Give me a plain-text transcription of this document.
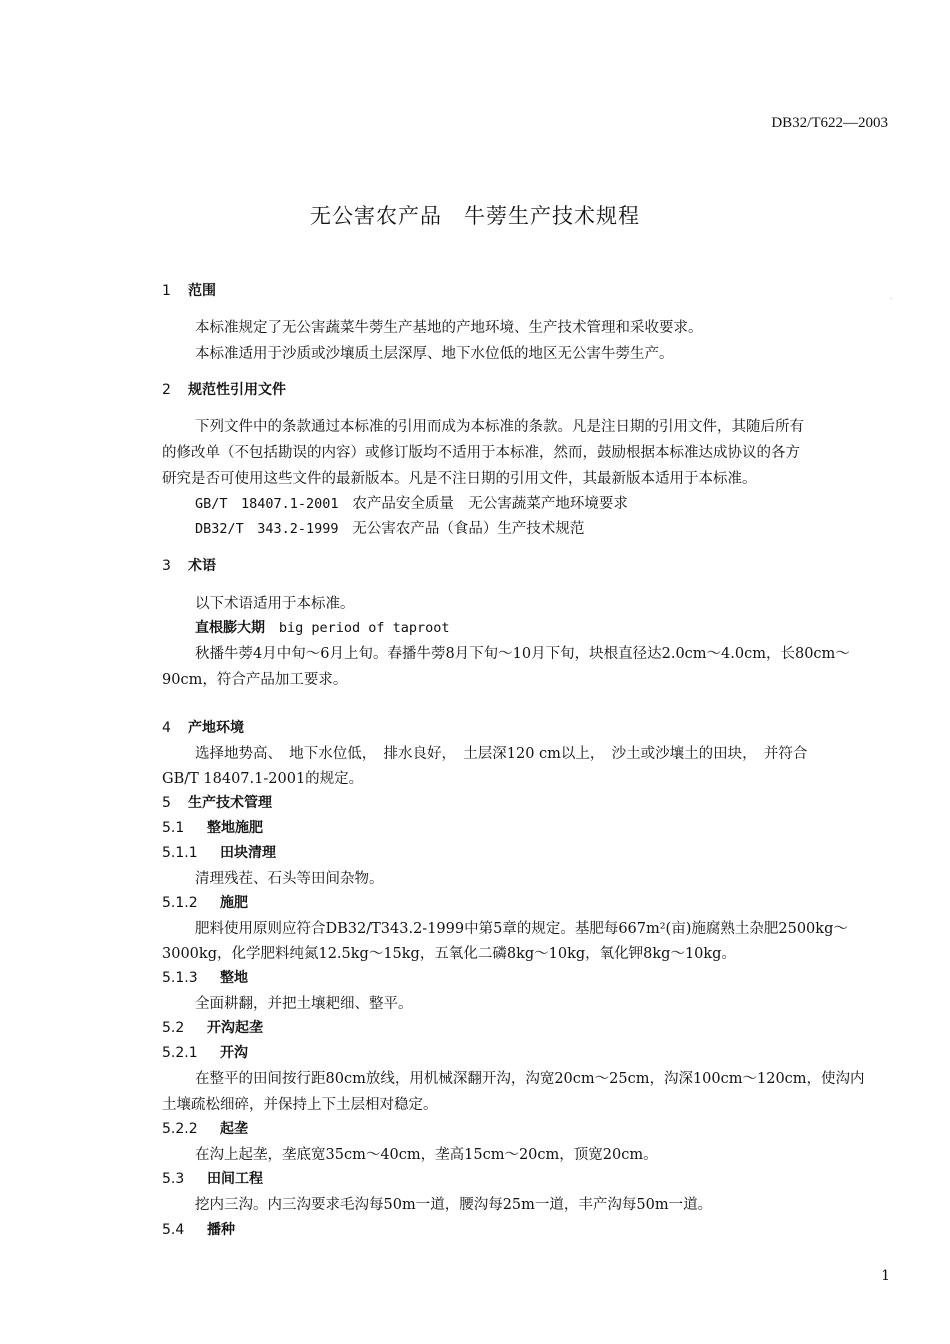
DB32/T622—2003
无公害农产品　牛蒡生产技术规程
·
1 范围
本标准规定了无公害蔬菜牛蒡生产基地的产地环境、生产技术管理和采收要求。
本标准适用于沙质或沙壤质土层深厚、地下水位低的地区无公害牛蒡生产。
2 规范性引用文件
下列文件中的条款通过本标准的引用而成为本标准的条款。凡是注日期的引用文件，其随后所有
的修改单（不包括勘误的内容）或修订版均不适用于本标准，然而，鼓励根据本标准达成协议的各方
研究是否可使用这些文件的最新版本。凡是不注日期的引用文件，其最新版本适用于本标准。
GB/T　18407.1-2001 农产品安全质量　无公害蔬菜产地环境要求
DB32/T　343.2-1999 无公害农产品（食品）生产技术规范
3 术语
以下术语适用于本标准。
直根膨大期 big period of taproot
秋播牛蒡4月中旬～6月上旬。春播牛蒡8月下旬～10月下旬，块根直径达2.0cm～4.0cm，长80cm～
90cm，符合产品加工要求。
4 产地环境
选择地势高、　地下水位低，　排水良好，　土层深120 cm以上，　沙土或沙壤土的田块，　并符合
GB/T 18407.1-2001的规定。
5 生产技术管理
5.1 整地施肥
5.1.1 田块清理
清理残茬、石头等田间杂物。
5.1.2 施肥
肥料使用原则应符合DB32/T343.2-1999中第5章的规定。基肥每667m²(亩)施腐熟土杂肥2500kg～
3000kg，化学肥料纯氮12.5kg～15kg，五氧化二磷8kg～10kg，氧化钾8kg～10kg。
5.1.3 整地
全面耕翻，并把土壤耙细、整平。
5.2 开沟起垄
5.2.1 开沟
在整平的田间按行距80cm放线，用机械深翻开沟，沟宽20cm～25cm，沟深100cm～120cm，使沟内
土壤疏松细碎，并保持上下土层相对稳定。
5.2.2 起垄
在沟上起垄，垄底宽35cm～40cm，垄高15cm～20cm，顶宽20cm。
5.3 田间工程
挖内三沟。内三沟要求毛沟每50m一道，腰沟每25m一道，丰产沟每50m一道。
5.4 播种
1
